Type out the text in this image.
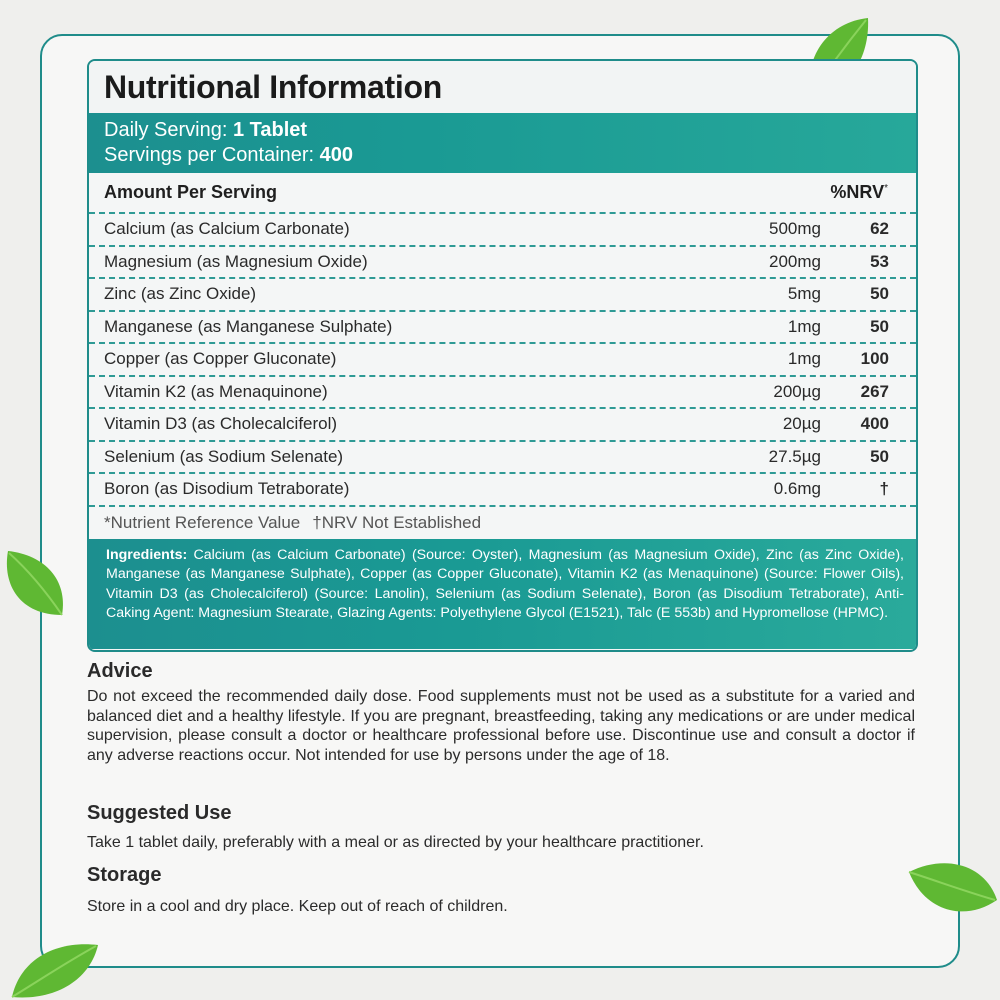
Nutritional Information
Daily Serving: 1 Tablet
Servings per Container: 400
Amount Per Serving	%NRV*
Calcium (as Calcium Carbonate)	500mg	62
Magnesium (as Magnesium Oxide)	200mg	53
Zinc (as Zinc Oxide)	5mg	50
Manganese (as Manganese Sulphate)	1mg	50
Copper (as Copper Gluconate)	1mg	100
Vitamin K2 (as Menaquinone)	200µg	267
Vitamin D3 (as Cholecalciferol)	20µg	400
Selenium (as Sodium Selenate)	27.5µg	50
Boron (as Disodium Tetraborate)	0.6mg	†
*Nutrient Reference Value †NRV Not Established
Ingredients: Calcium (as Calcium Carbonate) (Source: Oyster), Magnesium (as Magnesium Oxide), Zinc (as Zinc Oxide), Manganese (as Manganese Sulphate), Copper (as Copper Gluconate), Vitamin K2 (as Menaquinone) (Source: Flower Oils), Vitamin D3 (as Cholecalciferol) (Source: Lanolin), Selenium (as Sodium Selenate), Boron (as Disodium Tetraborate), Anti-Caking Agent: Magnesium Stearate, Glazing Agents: Polyethylene Glycol (E1521), Talc (E 553b) and Hypromellose (HPMC).
Advice

Do not exceed the recommended daily dose. Food supplements must not be used as a substitute for a varied and balanced diet and a healthy lifestyle. If you are pregnant, breastfeeding, taking any medications or are under medical supervision, please consult a doctor or healthcare professional before use. Discontinue use and consult a doctor if any adverse reactions occur. Not intended for use by persons under the age of 18.

Suggested Use

Take 1 tablet daily, preferably with a meal or as directed by your healthcare practitioner.

Storage

Store in a cool and dry place. Keep out of reach of children.
